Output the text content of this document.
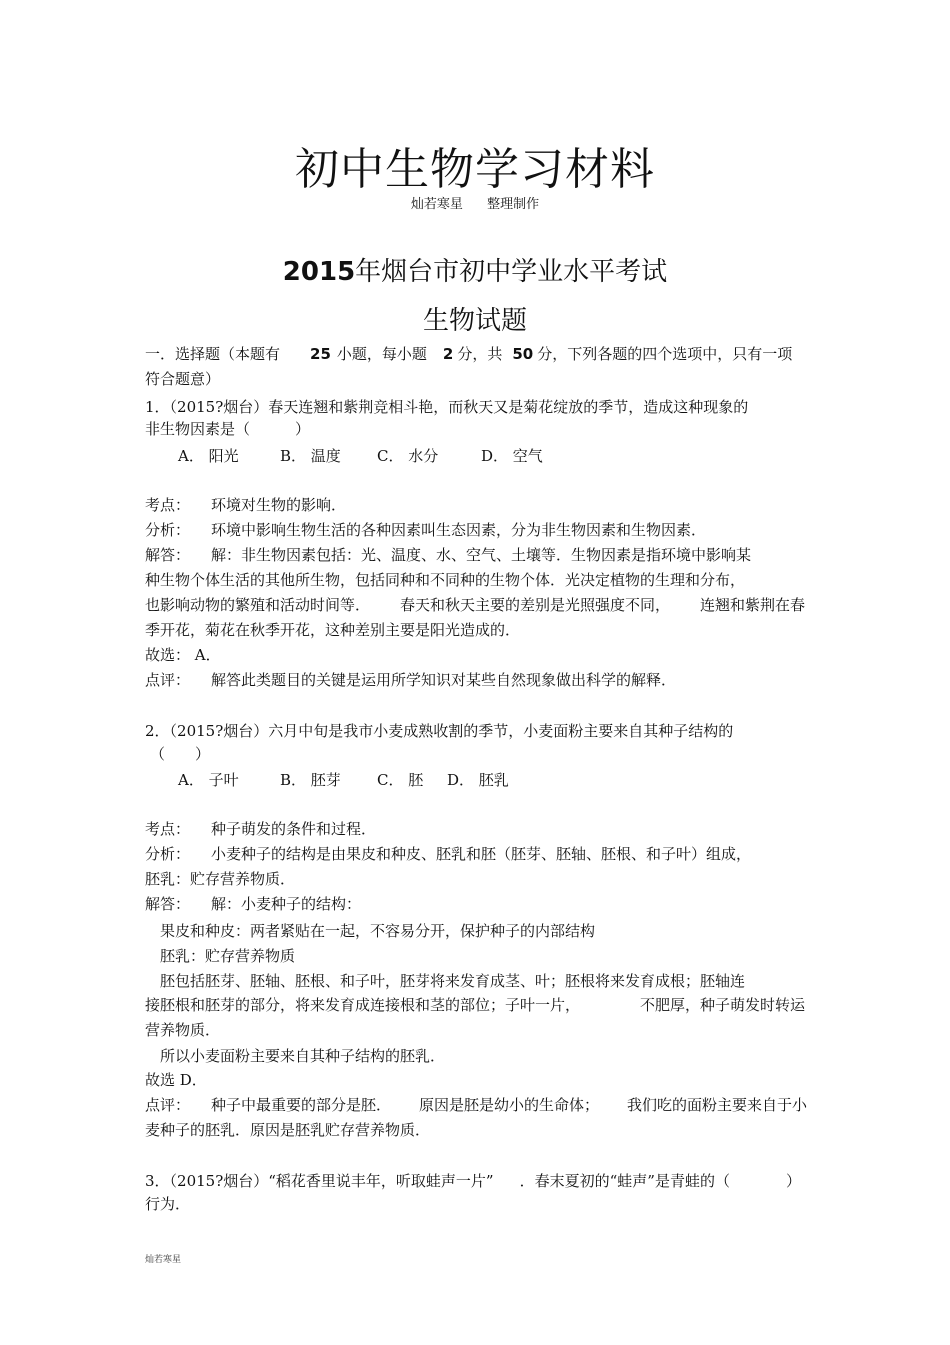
初中生物学习材料
灿若寒星 整理制作
2015年烟台市初中学业水平考试
生物试题
一．选择题（本题有 25 小题，每小题 2 分，共 50 分，下列各题的四个选项中，只有一项
符合题意）
1．（2015?烟台）春天连翘和紫荆竞相斗艳，而秋天又是菊花绽放的季节，造成这种现象的
非生物因素是（　　　）
A． 阳光	B． 温度 C． 水分	D． 空气
考点： 环境对生物的影响．
分析： 环境中影响生物生活的各种因素叫生态因素，分为非生物因素和生物因素．
解答： 解：非生物因素包括：光、温度、水、空气、土壤等．生物因素是指环境中影响某
种生物个体生活的其他所生物，包括同种和不同种的生物个体．光决定植物的生理和分布，
也影响动物的繁殖和活动时间等． 春天和秋天主要的差别是光照强度不同， 连翘和紫荆在春
季开花，菊花在秋季开花，这种差别主要是阳光造成的．
故选： A．
点评： 解答此类题目的关键是运用所学知识对某些自然现象做出科学的解释．
2．（2015?烟台）六月中旬是我市小麦成熟收割的季节，小麦面粉主要来自其种子结构的
（　　）
A． 子叶	B． 胚芽 C． 胚 D． 胚乳
考点： 种子萌发的条件和过程．
分析： 小麦种子的结构是由果皮和种皮、胚乳和胚（胚芽、胚轴、胚根、和子叶）组成，
胚乳：贮存营养物质．
解答： 解：小麦种子的结构：
果皮和种皮：两者紧贴在一起，不容易分开，保护种子的内部结构
胚乳：贮存营养物质
胚包括胚芽、胚轴、胚根、和子叶，胚芽将来发育成茎、叶；胚根将来发育成根；胚轴连
接胚根和胚芽的部分，将来发育成连接根和茎的部位；子叶一片，	不肥厚，种子萌发时转运
营养物质．
所以小麦面粉主要来自其种子结构的胚乳．
故选 D．
点评： 种子中最重要的部分是胚． 原因是胚是幼小的生命体； 我们吃的面粉主要来自于小
麦种子的胚乳．原因是胚乳贮存营养物质．
3．（2015?烟台）“稻花香里说丰年，听取蛙声一片” ．春末夏初的“蛙声”是青蛙的（	）
行为．
灿若寒星
